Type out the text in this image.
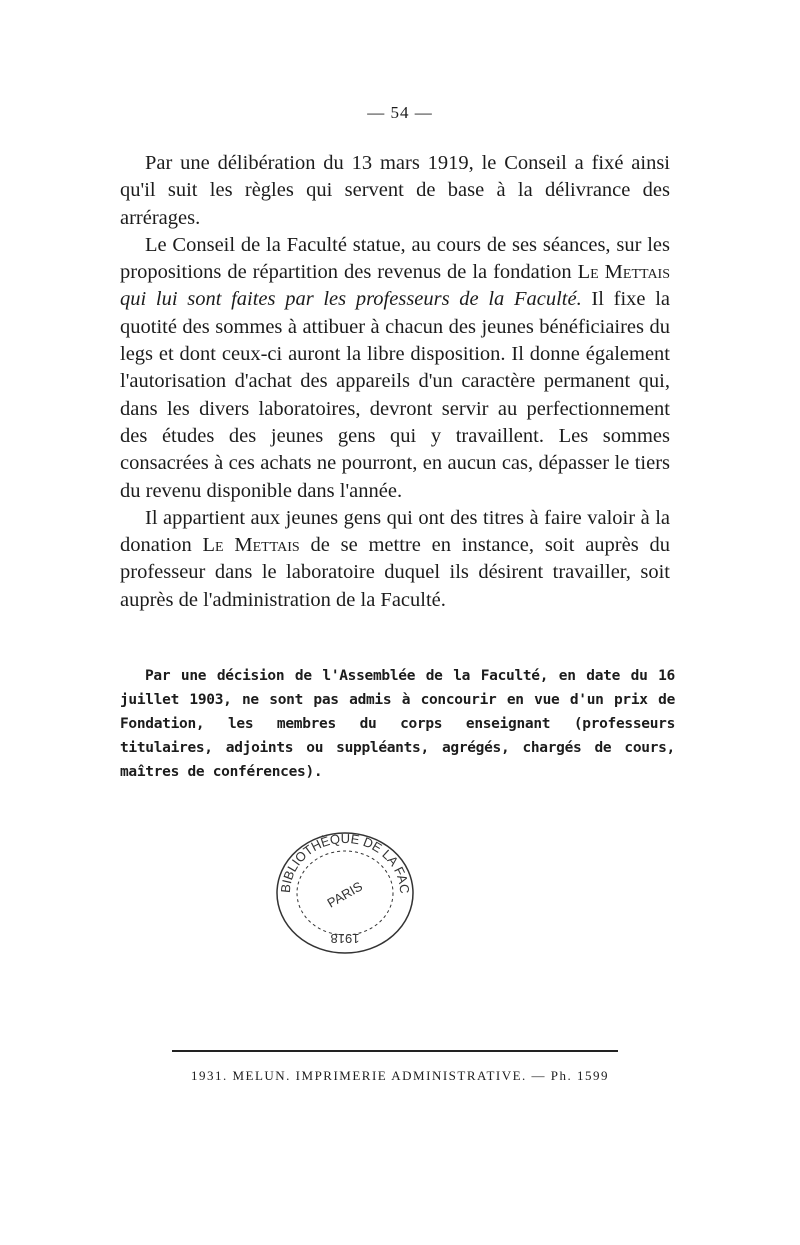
— 54 —

Par une délibération du 13 mars 1919, le Conseil a fixé ainsi qu'il suit les règles qui servent de base à la délivrance des arrérages.

Le Conseil de la Faculté statue, au cours de ses séances, sur les propositions de répartition des revenus de la fondation Le Mettais qui lui sont faites par les professeurs de la Faculté. Il fixe la quotité des sommes à attibuer à chacun des jeunes bénéficiaires du legs et dont ceux-ci auront la libre disposition. Il donne également l'autorisation d'achat des appareils d'un caractère permanent qui, dans les divers laboratoires, devront servir au perfectionnement des études des jeunes gens qui y travaillent. Les sommes consacrées à ces achats ne pourront, en aucun cas, dépasser le tiers du revenu disponible dans l'année.

Il appartient aux jeunes gens qui ont des titres à faire valoir à la donation Le Mettais de se mettre en instance, soit auprès du professeur dans le laboratoire duquel ils désirent travailler, soit auprès de l'administration de la Faculté.

Par une décision de l'Assemblée de la Faculté, en date du 16 juillet 1903, ne sont pas admis à concourir en vue d'un prix de Fondation, les membres du corps enseignant (professeurs titulaires, adjoints ou suppléants, agrégés, chargés de cours, maîtres de conférences).

BIBLIOTHÈQUE DE LA FAC
PARIS
1918
1931. MELUN. IMPRIMERIE ADMINISTRATIVE. — Ph. 1599
